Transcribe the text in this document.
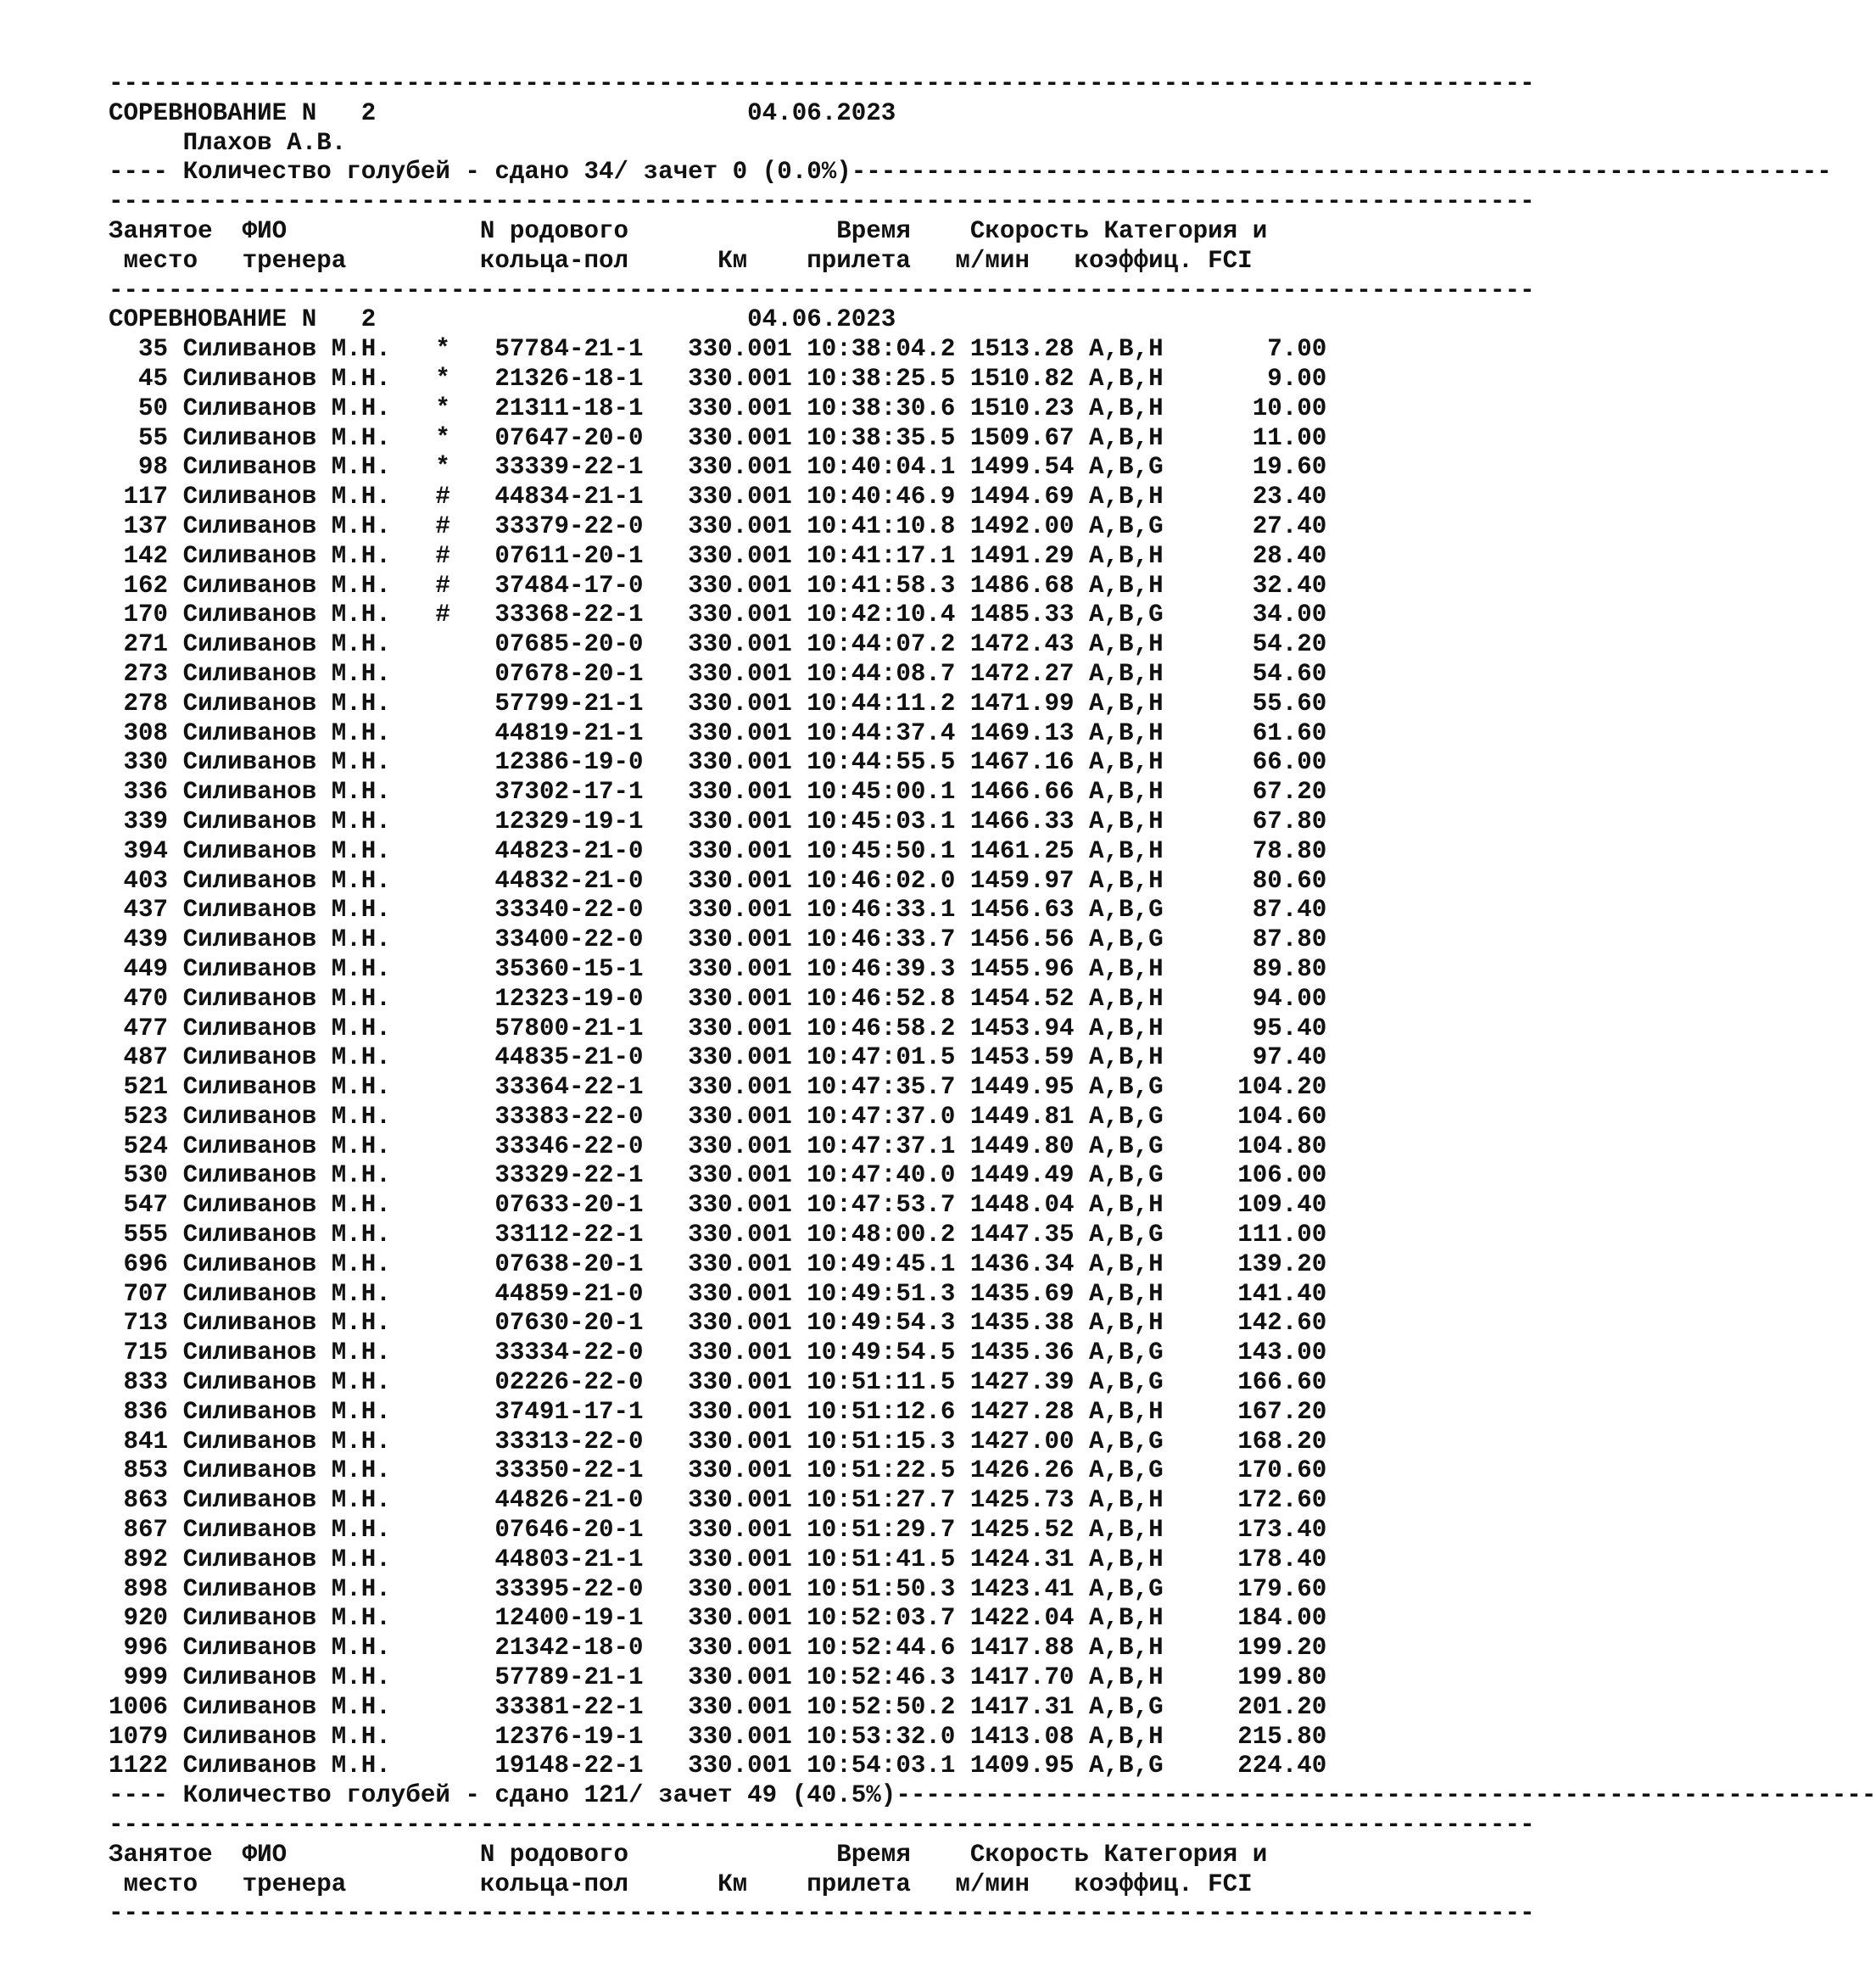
------------------------------------------------------------------------------------------------
СОРЕВНОВАНИЕ N 2	04.06.2023
Плахов А.В.
---- Количество голубей - сдано 34/ зачет 0 (0.0%)------------------------------------------------------------------
------------------------------------------------------------------------------------------------
Занятое  ФИО             N родового              Время    Скорость Категория и
место   тренера         кольца-пол      Км    прилета   м/мин   коэффиц. FCI
------------------------------------------------------------------------------------------------
СОРЕВНОВАНИЕ N 2	04.06.2023
35 Силиванов М.Н. * 57784-21-1 330.001 10:38:04.2 1513.28 A,B,H	7.00
45 Силиванов М.Н. * 21326-18-1 330.001 10:38:25.5 1510.82 A,B,H	9.00
50 Силиванов М.Н. * 21311-18-1 330.001 10:38:30.6 1510.23 A,B,H	10.00
55 Силиванов М.Н. * 07647-20-0 330.001 10:38:35.5 1509.67 A,B,H	11.00
98 Силиванов М.Н. * 33339-22-1 330.001 10:40:04.1 1499.54 A,B,G	19.60
117 Силиванов М.Н. # 44834-21-1 330.001 10:40:46.9 1494.69 A,B,H	23.40
137 Силиванов М.Н. # 33379-22-0 330.001 10:41:10.8 1492.00 A,B,G	27.40
142 Силиванов М.Н. # 07611-20-1 330.001 10:41:17.1 1491.29 A,B,H	28.40
162 Силиванов М.Н. # 37484-17-0 330.001 10:41:58.3 1486.68 A,B,H	32.40
170 Силиванов М.Н. # 33368-22-1 330.001 10:42:10.4 1485.33 A,B,G	34.00
271 Силиванов М.Н.	07685-20-0 330.001 10:44:07.2 1472.43 A,B,H	54.20
273 Силиванов М.Н.	07678-20-1 330.001 10:44:08.7 1472.27 A,B,H	54.60
278 Силиванов М.Н.	57799-21-1 330.001 10:44:11.2 1471.99 A,B,H	55.60
308 Силиванов М.Н.	44819-21-1 330.001 10:44:37.4 1469.13 A,B,H	61.60
330 Силиванов М.Н.	12386-19-0 330.001 10:44:55.5 1467.16 A,B,H	66.00
336 Силиванов М.Н.	37302-17-1 330.001 10:45:00.1 1466.66 A,B,H	67.20
339 Силиванов М.Н.	12329-19-1 330.001 10:45:03.1 1466.33 A,B,H	67.80
394 Силиванов М.Н.	44823-21-0 330.001 10:45:50.1 1461.25 A,B,H	78.80
403 Силиванов М.Н.	44832-21-0 330.001 10:46:02.0 1459.97 A,B,H	80.60
437 Силиванов М.Н.	33340-22-0 330.001 10:46:33.1 1456.63 A,B,G	87.40
439 Силиванов М.Н.	33400-22-0 330.001 10:46:33.7 1456.56 A,B,G	87.80
449 Силиванов М.Н.	35360-15-1 330.001 10:46:39.3 1455.96 A,B,H	89.80
470 Силиванов М.Н.	12323-19-0 330.001 10:46:52.8 1454.52 A,B,H	94.00
477 Силиванов М.Н.	57800-21-1 330.001 10:46:58.2 1453.94 A,B,H	95.40
487 Силиванов М.Н.	44835-21-0 330.001 10:47:01.5 1453.59 A,B,H	97.40
521 Силиванов М.Н.	33364-22-1 330.001 10:47:35.7 1449.95 A,B,G	104.20
523 Силиванов М.Н.	33383-22-0 330.001 10:47:37.0 1449.81 A,B,G	104.60
524 Силиванов М.Н.	33346-22-0 330.001 10:47:37.1 1449.80 A,B,G	104.80
530 Силиванов М.Н.	33329-22-1 330.001 10:47:40.0 1449.49 A,B,G	106.00
547 Силиванов М.Н.	07633-20-1 330.001 10:47:53.7 1448.04 A,B,H	109.40
555 Силиванов М.Н.	33112-22-1 330.001 10:48:00.2 1447.35 A,B,G	111.00
696 Силиванов М.Н.	07638-20-1 330.001 10:49:45.1 1436.34 A,B,H	139.20
707 Силиванов М.Н.	44859-21-0 330.001 10:49:51.3 1435.69 A,B,H	141.40
713 Силиванов М.Н.	07630-20-1 330.001 10:49:54.3 1435.38 A,B,H	142.60
715 Силиванов М.Н.	33334-22-0 330.001 10:49:54.5 1435.36 A,B,G	143.00
833 Силиванов М.Н.	02226-22-0 330.001 10:51:11.5 1427.39 A,B,G	166.60
836 Силиванов М.Н.	37491-17-1 330.001 10:51:12.6 1427.28 A,B,H	167.20
841 Силиванов М.Н.	33313-22-0 330.001 10:51:15.3 1427.00 A,B,G	168.20
853 Силиванов М.Н.	33350-22-1 330.001 10:51:22.5 1426.26 A,B,G	170.60
863 Силиванов М.Н.	44826-21-0 330.001 10:51:27.7 1425.73 A,B,H	172.60
867 Силиванов М.Н.	07646-20-1 330.001 10:51:29.7 1425.52 A,B,H	173.40
892 Силиванов М.Н.	44803-21-1 330.001 10:51:41.5 1424.31 A,B,H	178.40
898 Силиванов М.Н.	33395-22-0 330.001 10:51:50.3 1423.41 A,B,G	179.60
920 Силиванов М.Н.	12400-19-1 330.001 10:52:03.7 1422.04 A,B,H	184.00
996 Силиванов М.Н.	21342-18-0 330.001 10:52:44.6 1417.88 A,B,H	199.20
999 Силиванов М.Н.	57789-21-1 330.001 10:52:46.3 1417.70 A,B,H	199.80
1006 Силиванов М.Н.	33381-22-1 330.001 10:52:50.2 1417.31 A,B,G	201.20
1079 Силиванов М.Н.	12376-19-1 330.001 10:53:32.0 1413.08 A,B,H	215.80
1122 Силиванов М.Н.	19148-22-1 330.001 10:54:03.1 1409.95 A,B,G	224.40
---- Количество голубей - сдано 121/ зачет 49 (40.5%)------------------------------------------------------------------
------------------------------------------------------------------------------------------------
Занятое  ФИО             N родового              Время    Скорость Категория и
место   тренера         кольца-пол      Км    прилета   м/мин   коэффиц. FCI
------------------------------------------------------------------------------------------------
